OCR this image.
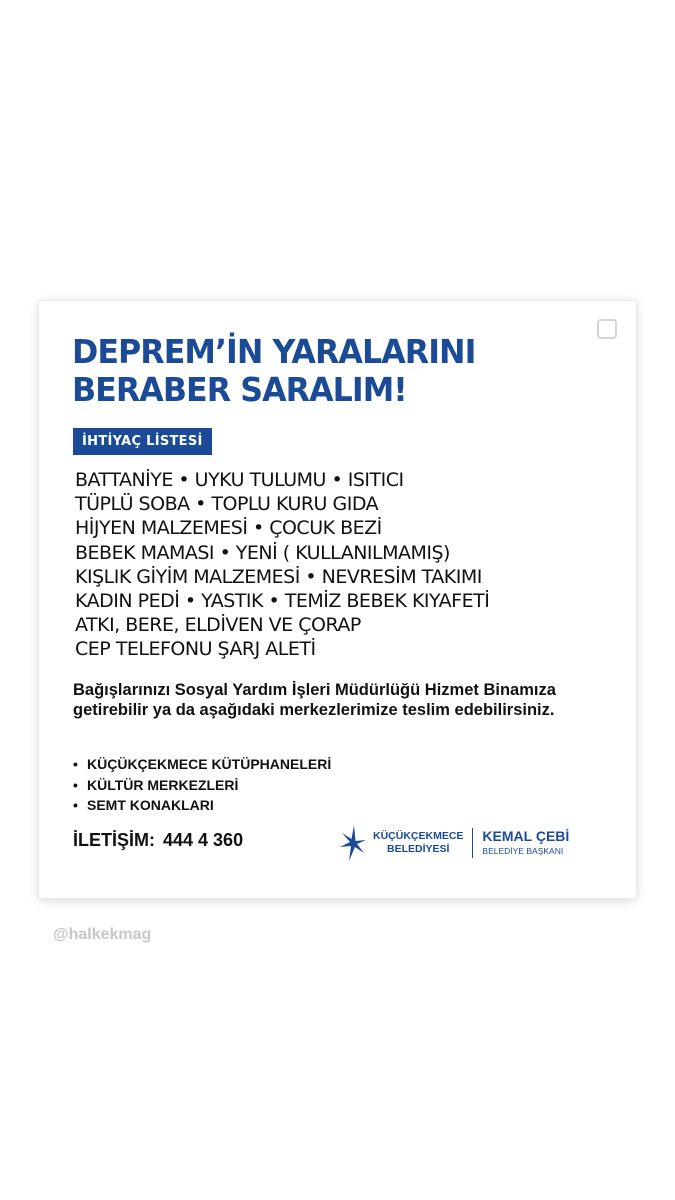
DEPREM’İN YARALARINI
BERABER SARALIM!
İHTİYAÇ LİSTESİ
BATTANİYE • UYKU TULUMU • ISITICI
TÜPLÜ SOBA • TOPLU KURU GIDA
HİJYEN MALZEMESİ • ÇOCUK BEZİ
BEBEK MAMASI • YENİ ( KULLANILMAMIŞ)
KIŞLIK GİYİM MALZEMESİ • NEVRESİM TAKIMI
KADIN PEDİ • YASTIK • TEMİZ BEBEK KIYAFETİ
ATKI, BERE, ELDİVEN VE ÇORAP
CEP TELEFONU ŞARJ ALETİ

Bağışlarınızı Sosyal Yardım İşleri Müdürlüğü Hizmet Binamıza getirebilir ya da aşağıdaki merkezlerimize teslim edebilirsiniz.

• KÜÇÜKÇEKMECE KÜTÜPHANELERİ
• KÜLTÜR MERKEZLERİ
• SEMT KONAKLARI
İLETİŞİM: 444 4 360	KÜÇÜKÇEKMECE
BELEDİYESİ
KEMAL ÇEBİ
BELEDİYE BAŞKANI
@halkekmag
